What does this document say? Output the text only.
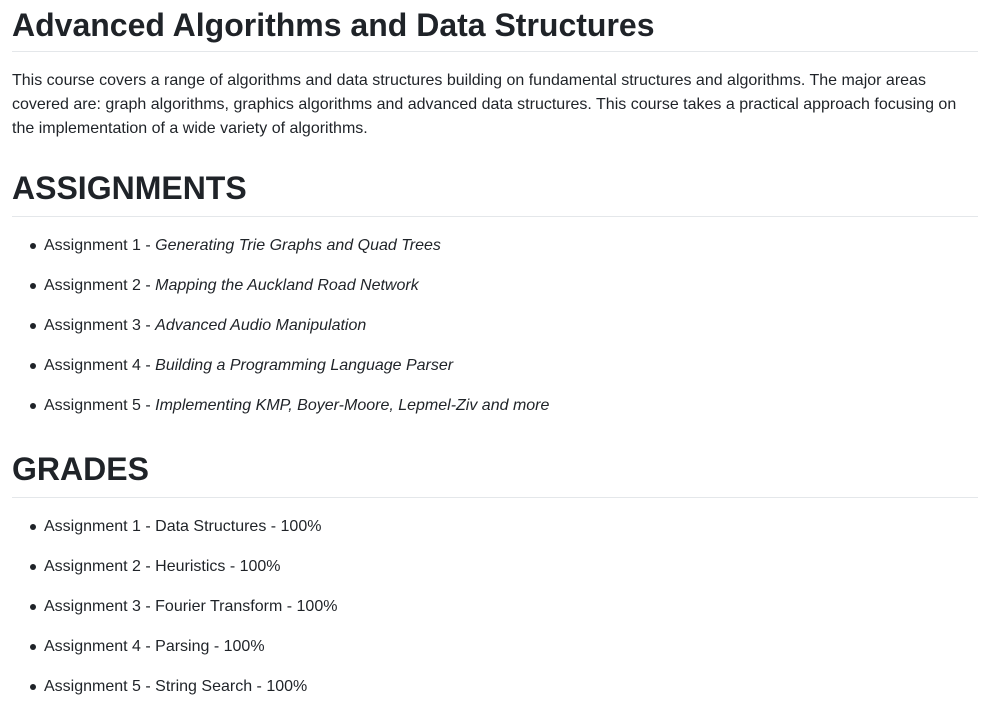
Advanced Algorithms and Data Structures

This course covers a range of algorithms and data structures building on fundamental structures and algorithms. The major areas covered are: graph algorithms, graphics algorithms and advanced data structures. This course takes a practical approach focusing on the implementation of a wide variety of algorithms.

ASSIGNMENTS
Assignment 1 - Generating Trie Graphs and Quad Trees
Assignment 2 - Mapping the Auckland Road Network
Assignment 3 - Advanced Audio Manipulation
Assignment 4 - Building a Programming Language Parser
Assignment 5 - Implementing KMP, Boyer-Moore, Lepmel-Ziv and more
GRADES
Assignment 1 - Data Structures - 100%
Assignment 2 - Heuristics - 100%
Assignment 3 - Fourier Transform - 100%
Assignment 4 - Parsing - 100%
Assignment 5 - String Search - 100%
